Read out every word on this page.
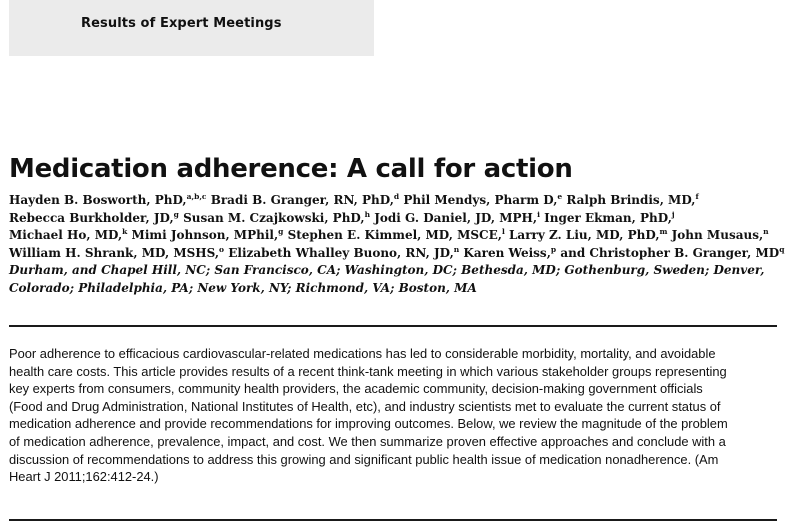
Results of Expert Meetings
Medication adherence: A call for action
Hayden B. Bosworth, PhD,$^{a,b,c}$ Bradi B. Granger, RN, PhD,$^d$ Phil Mendys, Pharm D,$^e$ Ralph Brindis, MD,$^f$
Rebecca Burkholder, JD,$^g$ Susan M. Czajkowski, PhD,$^h$ Jodi G. Daniel, JD, MPH,$^i$ Inger Ekman, PhD,$^j$
Michael Ho, MD,$^k$ Mimi Johnson, MPhil,$^g$ Stephen E. Kimmel, MD, MSCE,$^l$ Larry Z. Liu, MD, PhD,$^m$ John Musaus,$^n$
William H. Shrank, MD, MSHS,$^o$ Elizabeth Whalley Buono, RN, JD,$^n$ Karen Weiss,$^p$ and Christopher B. Granger, $MD^q$
Durham, and Chapel Hill, NC; San Francisco, CA; Washington, DC; Bethesda, MD; Gothenburg, Sweden; Denver,
Colorado; Philadelphia, PA; New York, NY; Richmond, VA; Boston, MA
Poor adherence to efficacious cardiovascular-related medications has led to considerable morbidity, mortality, and avoidable
health care costs. This article provides results of a recent think-tank meeting in which various stakeholder groups representing
key experts from consumers, community health providers, the academic community, decision-making government officials
(Food and Drug Administration, National Institutes of Health, etc), and industry scientists met to evaluate the current status of
medication adherence and provide recommendations for improving outcomes. Below, we review the magnitude of the problem
of medication adherence, prevalence, impact, and cost. We then summarize proven effective approaches and conclude with a
discussion of recommendations to address this growing and significant public health issue of medication nonadherence. (Am
Heart J 2011;162:412-24.)
